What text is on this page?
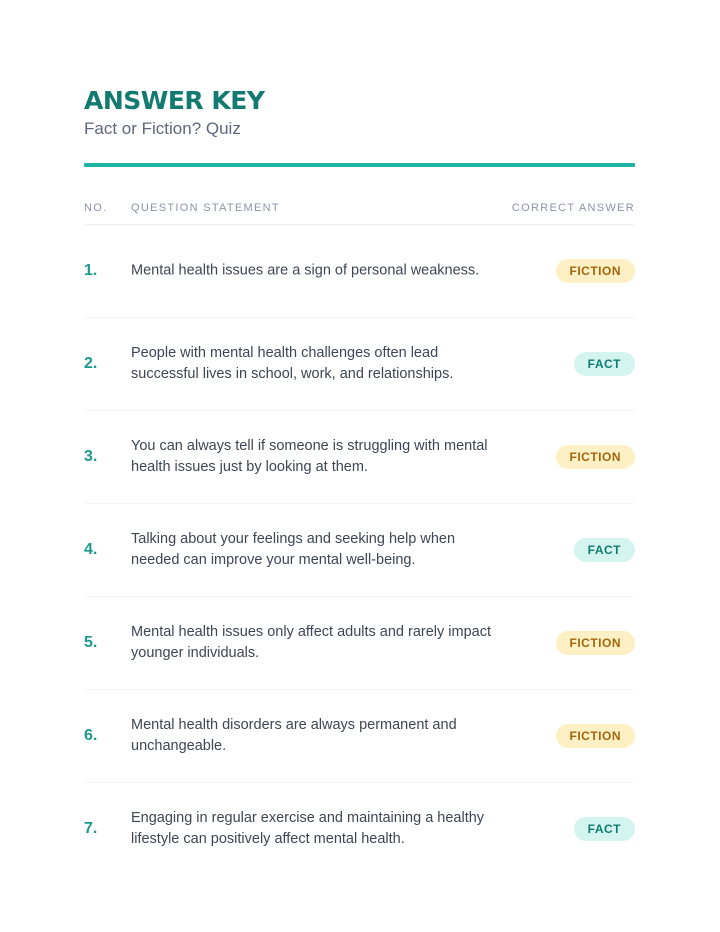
ANSWER KEY
Fact or Fiction? Quiz
NO. QUESTION STATEMENT	CORRECT ANSWER
1. Mental health issues are a sign of personal weakness.	FICTION
2.
People with mental health challenges often lead successful lives in school, work, and relationships.
FACT
3.
You can always tell if someone is struggling with mental health issues just by looking at them.
FICTION
4.
Talking about your feelings and seeking help when needed can improve your mental well-being.
FACT
5.
Mental health issues only affect adults and rarely impact younger individuals.
FICTION
6.
Mental health disorders are always permanent and unchangeable.
FICTION
7.
Engaging in regular exercise and maintaining a healthy lifestyle can positively affect mental health.
FACT
